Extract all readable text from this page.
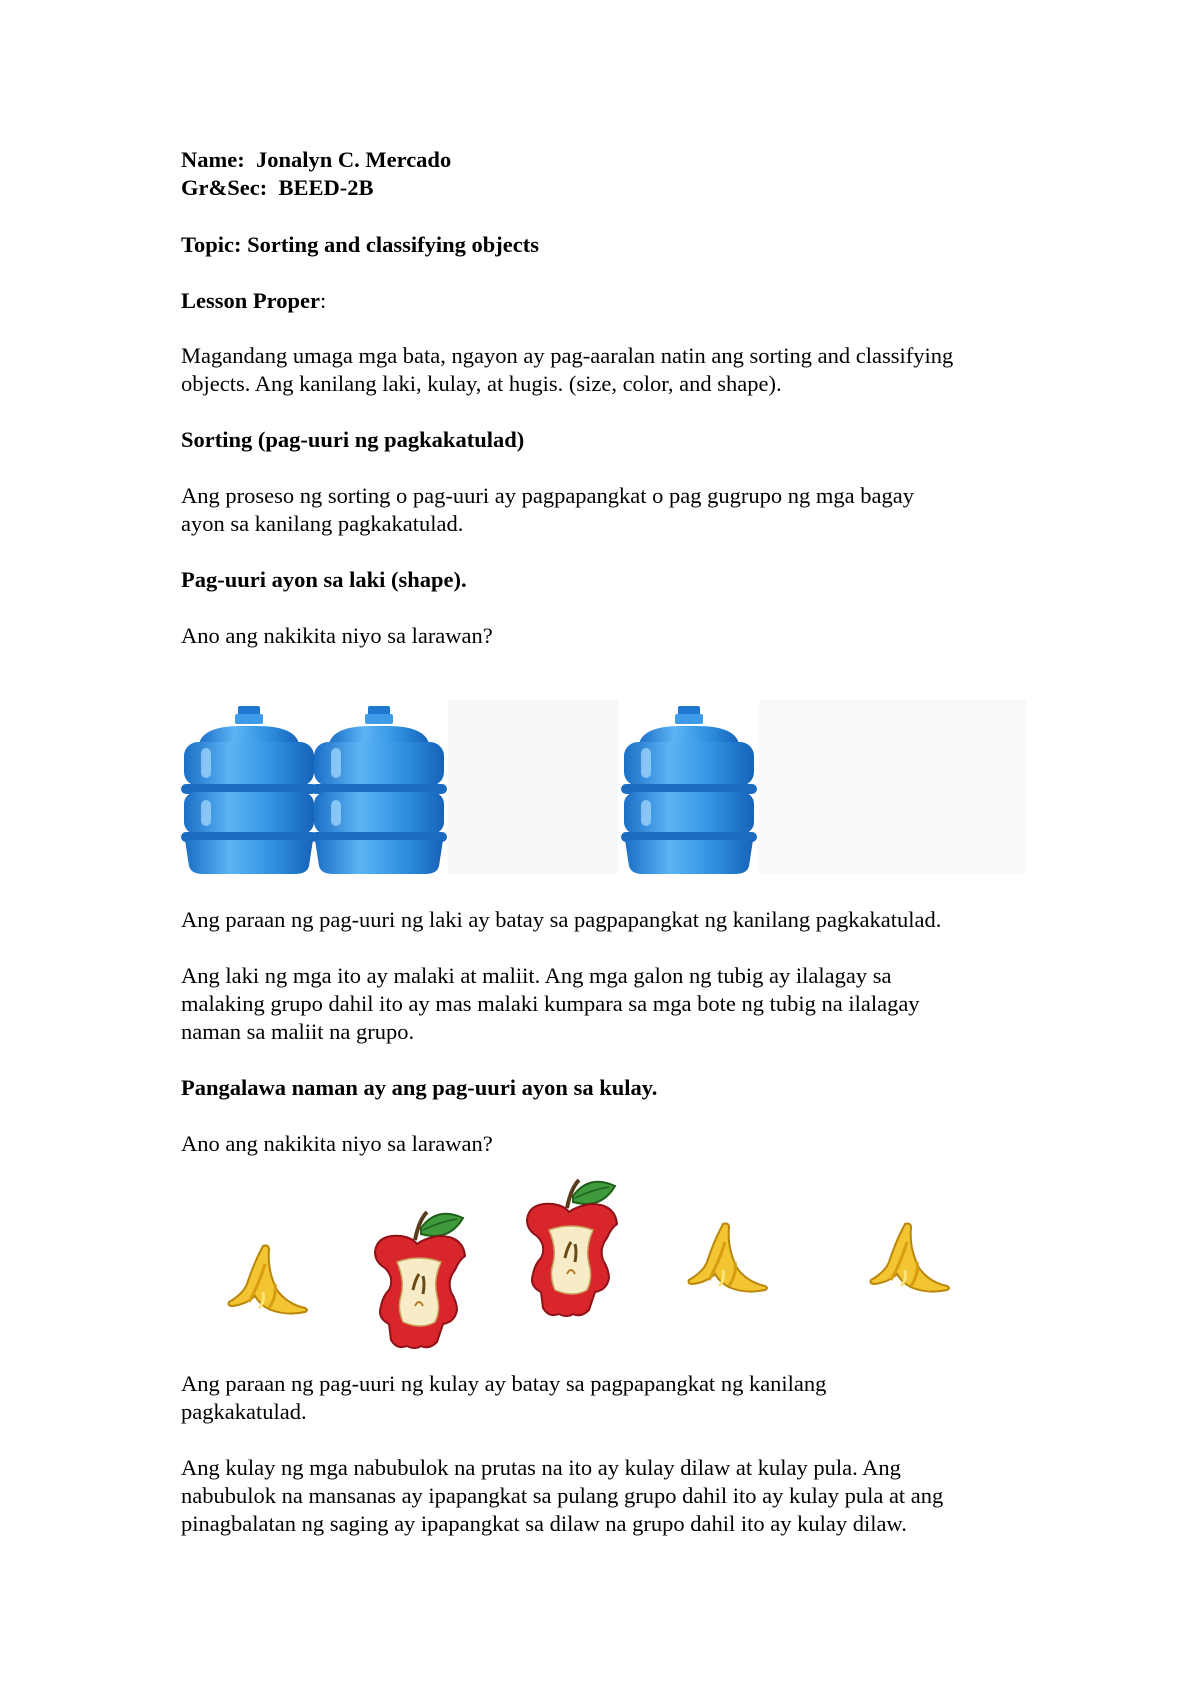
Name: Jonalyn C. Mercado

Gr&Sec: BEED-2B

Topic: Sorting and classifying objects

Lesson Proper:

Magandang umaga mga bata, ngayon ay pag-aaralan natin ang sorting and classifying

objects. Ang kanilang laki, kulay, at hugis. (size, color, and shape).

Sorting (pag-uuri ng pagkakatulad)

Ang proseso ng sorting o pag-uuri ay pagpapangkat o pag gugrupo ng mga bagay

ayon sa kanilang pagkakatulad.

Pag-uuri ayon sa laki (shape).

Ano ang nakikita niyo sa larawan?

Ang paraan ng pag-uuri ng laki ay batay sa pagpapangkat ng kanilang pagkakatulad.

Ang laki ng mga ito ay malaki at maliit. Ang mga galon ng tubig ay ilalagay sa

malaking grupo dahil ito ay mas malaki kumpara sa mga bote ng tubig na ilalagay

naman sa maliit na grupo.

Pangalawa naman ay ang pag-uuri ayon sa kulay.

Ano ang nakikita niyo sa larawan?

Ang paraan ng pag-uuri ng kulay ay batay sa pagpapangkat ng kanilang

pagkakatulad.

Ang kulay ng mga nabubulok na prutas na ito ay kulay dilaw at kulay pula. Ang

nabubulok na mansanas ay ipapangkat sa pulang grupo dahil ito ay kulay pula at ang

pinagbalatan ng saging ay ipapangkat sa dilaw na grupo dahil ito ay kulay dilaw.
